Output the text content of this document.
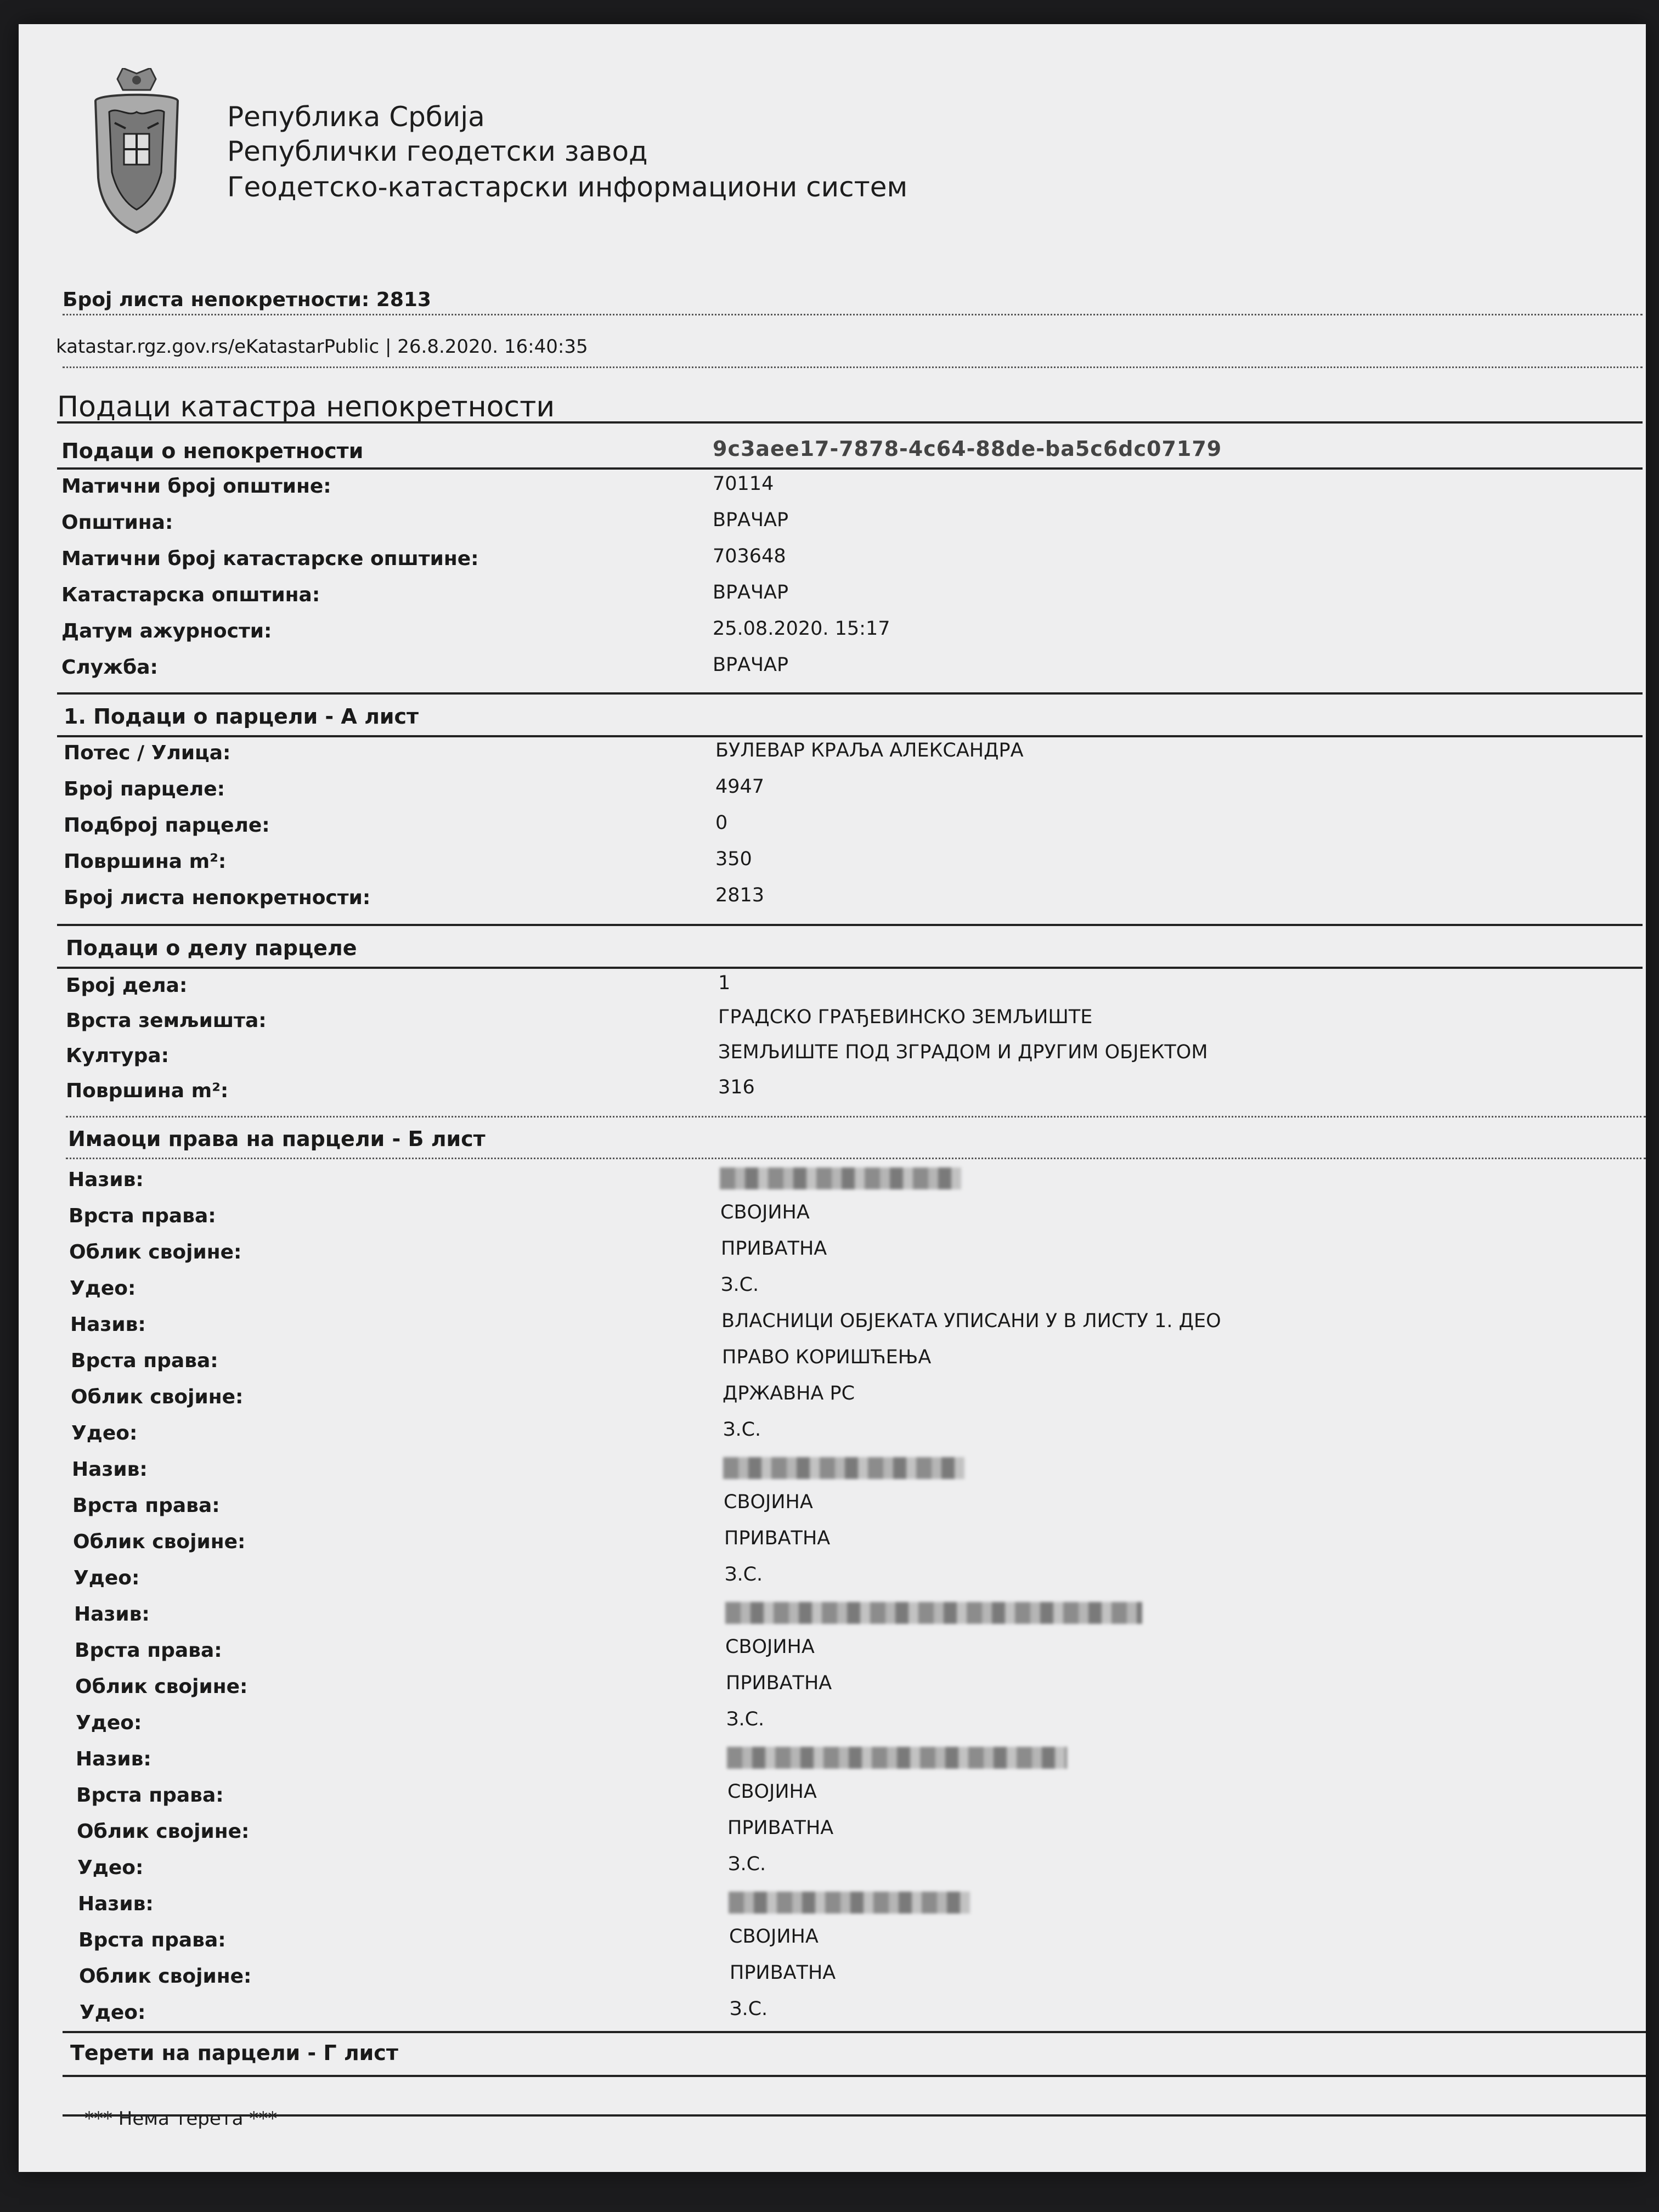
Република Србија
Републички геодетски завод
Геодетско-катастарски информациони систем
Број листа непокретности: 2813
katastar.rgz.gov.rs/eKatastarPublic | 26.8.2020. 16:40:35
Подаци катастра непокретности
Подаци о непокретности	9c3aee17-7878-4c64-88de-ba5c6dc07179
Матични број општине:	70114
Општина:	ВРАЧАР
Матични број катастарске општине:	703648
Катастарска општина:	ВРАЧАР
Датум ажурности:	25.08.2020. 15:17
Служба:	ВРАЧАР
1. Подаци о парцели - А лист
Потес / Улица:	БУЛЕВАР КРАЉА АЛЕКСАНДРА
Број парцеле:	4947
Подброј парцеле:	0
Површина m²:	350
Број листа непокретности:	2813
Подаци о делу парцеле
Број дела:	1
Врста земљишта:	ГРАДСКО ГРАЂЕВИНСКО ЗЕМЉИШТЕ
Култура:	ЗЕМЉИШТЕ ПОД ЗГРАДОМ И ДРУГИМ ОБЈЕКТОМ
Површина m²:	316
Имаоци права на парцели - Б лист
Назив:
Врста права:	СВОЈИНА
Облик својине:	ПРИВАТНА
Удео:	З.С.
Назив:	ВЛАСНИЦИ ОБЈЕКАТА УПИСАНИ У В ЛИСТУ 1. ДЕО
Врста права:	ПРАВО КОРИШЋЕЊА
Облик својине:	ДРЖАВНА РС
Удео:	З.С.
Назив:
Врста права:	СВОЈИНА
Облик својине:	ПРИВАТНА
Удео:	З.С.
Назив:
Врста права:	СВОЈИНА
Облик својине:	ПРИВАТНА
Удео:	З.С.
Назив:
Врста права:	СВОЈИНА
Облик својине:	ПРИВАТНА
Удео:	З.С.
Назив:
Врста права:	СВОЈИНА
Облик својине:	ПРИВАТНА
Удео:	З.С.
Терети на парцели - Г лист
*** Нема терета ***
